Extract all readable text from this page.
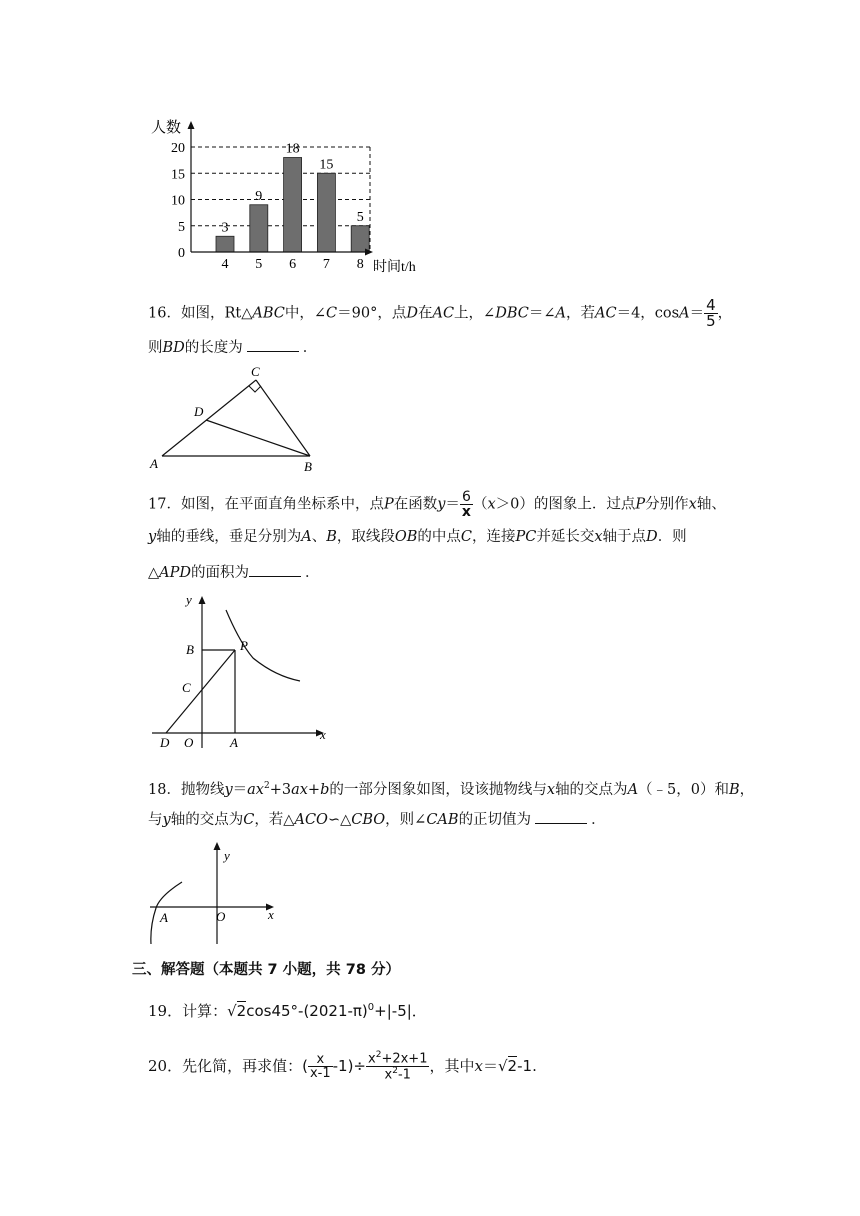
0
5
10
15
20
3
4
9
5
18
6
15
7
5
8
人数
时间t/h
16．如图，Rt△ABC中，∠C＝90°，点D在AC上，∠DBC＝∠A，若AC＝4，$\cos A= \frac{4}{5}$ ，
则BD的长度为	．
A	B
C
D
17．如图，在平面直角坐标系中，点P在函数$y= \frac{6}{x} (x>0)$的图象上．过点P分别作x轴、
y轴的垂线，垂足分别为A、B，取线段OB的中点C，连接PC并延长交x轴于点D．则
△APD的面积为	．
y
x
B	P
C
D O	A
18．抛物线$y=ax^2+3ax+b$的一部分图象如图，设该抛物线与x轴的交点为A（﹣5，0）和B，
与y轴的交点为C，若△ACO∽△CBO，则∠CAB的正切值为	．
y
x
A	O
三、解答题（本题共 7 小题，共 78 分）
19．计算：$√2\cos 45^\circ-(2021-\pi)^0+|-5|$．
20． 先化简，再求值： ( $\frac{x}{x-1} -1)\div \frac{x^2+2x+1}{x^2-1}$ ，其中 x ＝ √2-1 .
